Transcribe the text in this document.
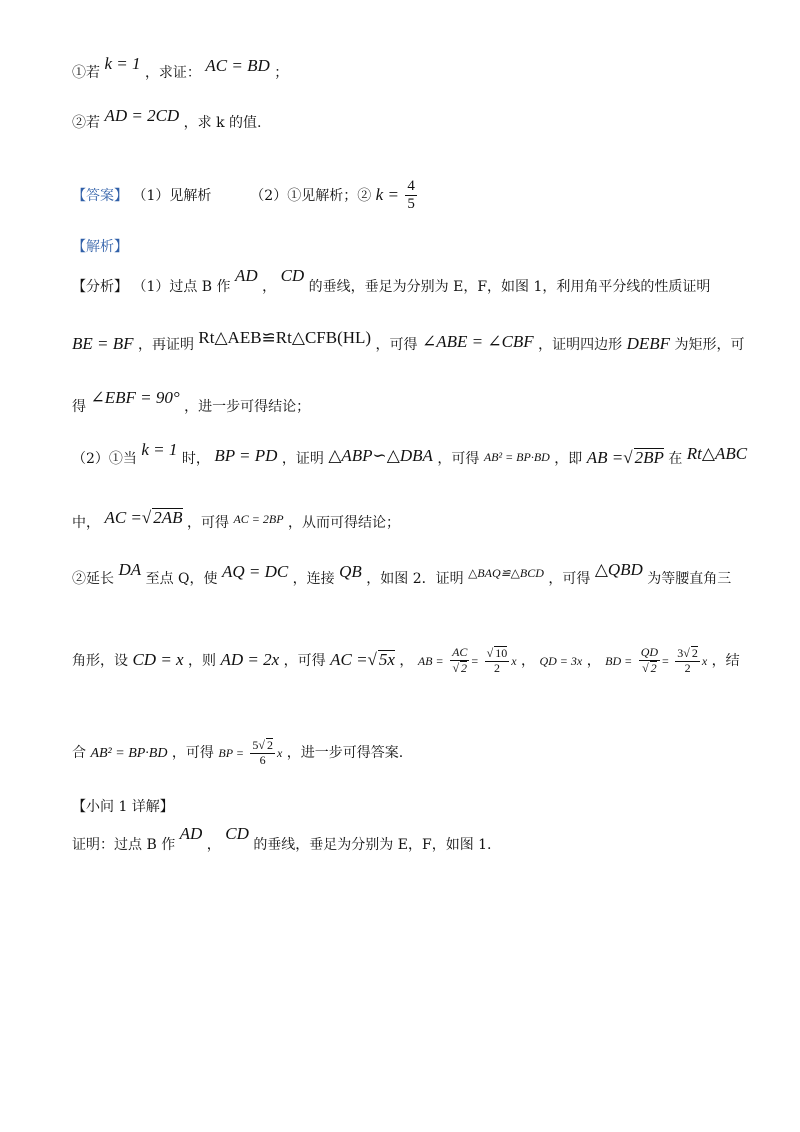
①若 k = 1 ，求证： AC = BD ；
②若 AD = 2CD ，求 k 的值.
【答案】 （1）见解析	（2）①见解析；② $k = \frac{4}{5}$
【解析】
【分析】 （1）过点 B 作 AD ， CD 的垂线，垂足为分别为 E，F，如图 1，利用角平分线的性质证明
BE = BF ，再证明 Rt△AEB≌Rt△CFB(HL) ，可得 ∠ABE = ∠CBF ，证明四边形 DEBF 为矩形，可
得 ∠EBF = 90° ，进一步可得结论；
（2）①当 k = 1 时， BP = PD ，证明 △ABP∽△DBA ，可得 AB² = BP·BD ，即 AB =√ 2BP 在 Rt△ABC
中， AC =√ 2AB ，可得 AC = 2BP ，从而可得结论；
②延长 DA 至点 Q，使 AQ = DC ，连接 QB ，如图 2．证明 △BAQ≌△BCD ，可得 △QBD 为等腰直角三
角形，设 CD = x ，则 AD = 2x ，可得 AC =√ 5x ， AB = $\frac{AC}{√ 2} = \frac{√ 10}{2}$ x ， QD = 3x ， BD = $\frac{QD}{√ 2} = \frac{3√ 2}{2}$ x ，结
合 AB² = BP·BD ，可得 BP = $\frac{5√ 2}{6}$ x ，进一步可得答案.
【小问 1 详解】
证明：过点 B 作 AD ， CD 的垂线，垂足为分别为 E，F，如图 1.
